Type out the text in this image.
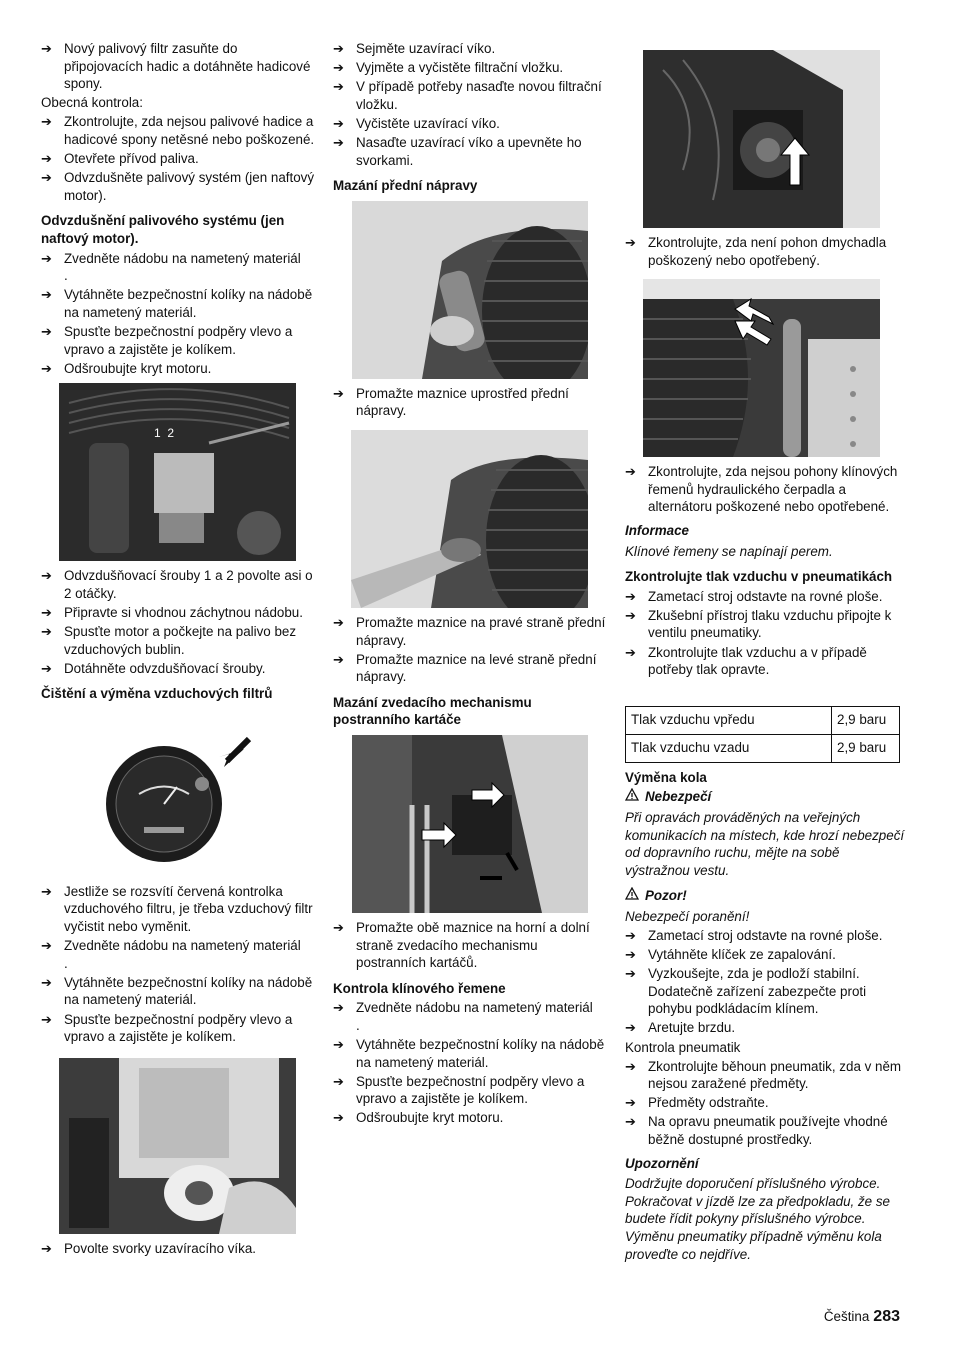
➔ Nový palivový filtr zasuňte do připojovacích hadic a dotáhněte hadicové spony.

Obecná kontrola:

➔ Zkontrolujte, zda nejsou palivové hadice a hadicové spony netěsné nebo poškozené.
➔ Otevřete přívod paliva.
➔ Odvzdušněte palivový systém (jen naftový motor).
Odvzdušnění palivového systému (jen naftový motor).
➔ Zvedněte nádobu na nametený materiál
.
➔ Vytáhněte bezpečnostní kolíky na nádobě na nametený materiál.
➔ Spusťte bezpečnostní podpěry vlevo a vpravo a zajistěte je kolíkem.
➔ Odšroubujte kryt motoru.
1  2
➔ Odvzdušňovací šrouby 1 a 2 povolte asi o 2 otáčky.
➔ Připravte si vhodnou záchytnou nádobu.
➔ Spusťte motor a počkejte na palivo bez vzduchových bublin.
➔ Dotáhněte odvzdušňovací šrouby.
Čištění a výměna vzduchových filtrů
➔ Jestliže se rozsvítí červená kontrolka vzduchového filtru, je třeba vzduchový filtr vyčistit nebo vyměnit.
➔ Zvedněte nádobu na nametený materiál
.
➔ Vytáhněte bezpečnostní kolíky na nádobě na nametený materiál.
➔ Spusťte bezpečnostní podpěry vlevo a vpravo a zajistěte je kolíkem.
➔ Povolte svorky uzavíracího víka.
➔ Sejměte uzavírací víko.
➔ Vyjměte a vyčistěte filtrační vložku.
➔ V případě potřeby nasaďte novou filtrační vložku.
➔ Vyčistěte uzavírací víko.
➔ Nasaďte uzavírací víko a upevněte ho svorkami.
Mazání přední nápravy
➔ Promažte maznice uprostřed přední nápravy.
➔ Promažte maznice na pravé straně přední nápravy.
➔ Promažte maznice na levé straně přední nápravy.
Mazání zvedacího mechanismu postranního kartáče
➔ Promažte obě maznice na horní a dolní straně zvedacího mechanismu postranních kartáčů.
Kontrola klínového řemene
➔ Zvedněte nádobu na nametený materiál
.
➔ Vytáhněte bezpečnostní kolíky na nádobě na nametený materiál.
➔ Spusťte bezpečnostní podpěry vlevo a vpravo a zajistěte je kolíkem.
➔ Odšroubujte kryt motoru.
➔ Zkontrolujte, zda není pohon dmychadla poškozený nebo opotřebený.
➔ Zkontrolujte, zda nejsou pohony klínových řemenů hydraulického čerpadla a alternátoru poškozené nebo opotřebené.
Informace

Klínové řemeny se napínají perem.

Zkontrolujte tlak vzduchu v pneumatikách
➔ Zametací stroj odstavte na rovné ploše.
➔ Zkušební přístroj tlaku vzduchu připojte k ventilu pneumatiky.
➔ Zkontrolujte tlak vzduchu a v případě potřeby tlak opravte.
Tlak vzduchu vpředu	2,9 baru
Tlak vzduchu vzadu	2,9 baru
Výměna kola
Nebezpečí

Při opravách prováděných na veřejných komunikacích na místech, kde hrozí nebezpečí od dopravního ruchu, mějte na sobě výstražnou vestu.

Pozor!

Nebezpečí poranění!

➔ Zametací stroj odstavte na rovné ploše.
➔ Vytáhněte klíček ze zapalování.
➔ Vyzkoušejte, zda je podloží stabilní. Dodatečně zařízení zabezpečte proti pohybu podkládacím klínem.
➔ Aretujte brzdu.

Kontrola pneumatik

➔ Zkontrolujte běhoun pneumatik, zda v něm nejsou zaražené předměty.
➔ Předměty odstraňte.
➔ Na opravu pneumatik používejte vhodné běžně dostupné prostředky.
Upozornění

Dodržujte doporučení příslušného výrobce. Pokračovat v jízdě lze za předpokladu, že se budete řídit pokyny příslušného výrobce. Výměnu pneumatiky případně výměnu kola proveďte co nejdříve.

Čeština 283
